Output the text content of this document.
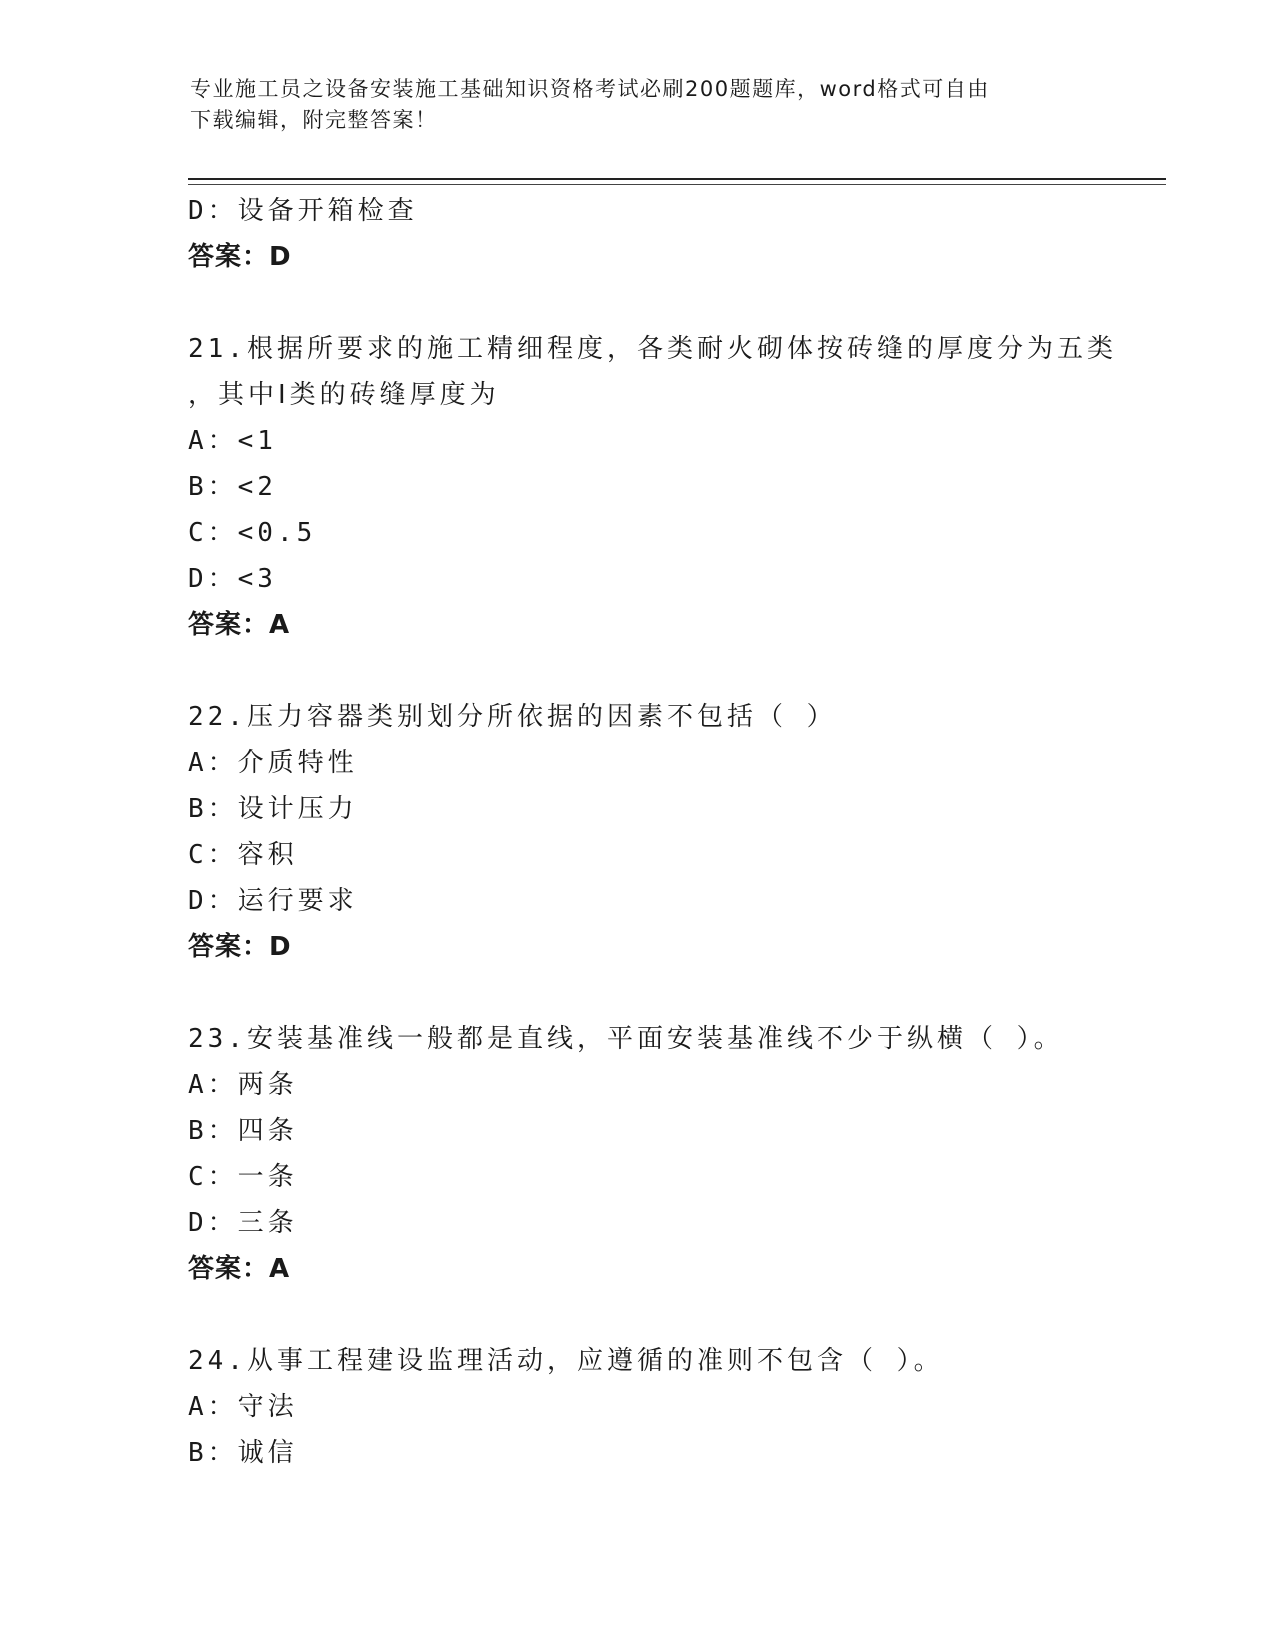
专业施工员之设备安装施工基础知识资格考试必刷200题题库，word格式可自由
下载编辑，附完整答案！
D：设备开箱检查
答案：D
21.根据所要求的施工精细程度，各类耐火砌体按砖缝的厚度分为五类
，其中Ⅰ类的砖缝厚度为
A：<1
B：<2
C：<0.5
D：<3
答案：A
22.压力容器类别划分所依据的因素不包括（ ）
A：介质特性
B：设计压力
C：容积
D：运行要求
答案：D
23.安装基准线一般都是直线，平面安装基准线不少于纵横（ ）。
A：两条
B：四条
C：一条
D：三条
答案：A
24.从事工程建设监理活动，应遵循的准则不包含（ ）。
A：守法
B：诚信
